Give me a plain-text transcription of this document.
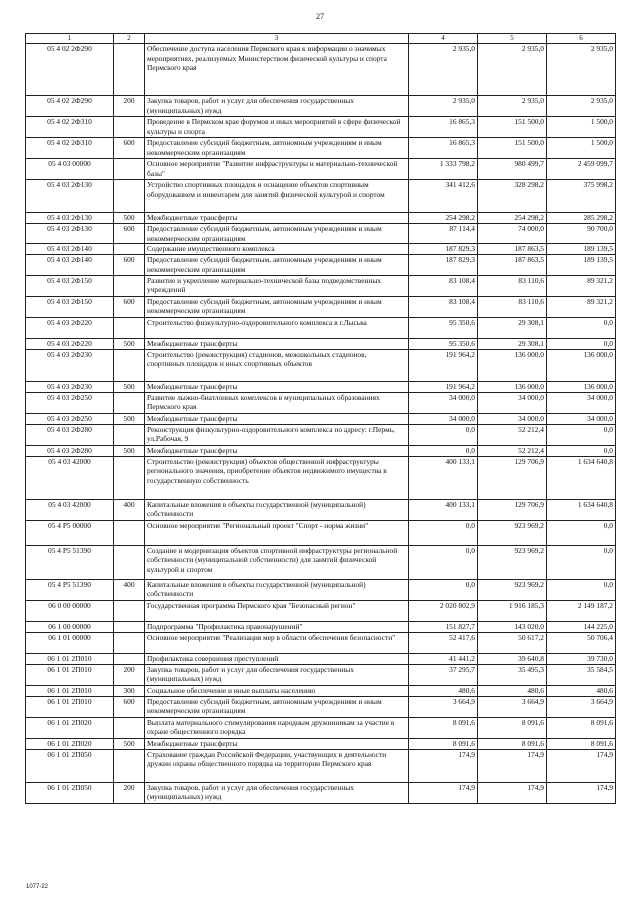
27
1	2	3	4	5	6
05 4 02 2Ф290		Обеспечение доступа населения Пермского края к информации о значимых мероприятиях, реализуемых Министерством физической культуры и спорта Пермского края	2 935,0	2 935,0	2 935,0
05 4 02 2Ф290	200	Закупка товаров, работ и услуг для обеспечения государственных (муниципальных) нужд	2 935,0	2 935,0	2 935,0
05 4 02 2Ф310		Проведение в Пермском крае форумов и иных мероприятий в сфере физической культуры и спорта	16 865,3	151 500,0	1 500,0
05 4 02 2Ф310	600	Предоставление субсидий бюджетным, автономным учреждениям и иным некоммерческим организациям	16 865,3	151 500,0	1 500,0
05 4 03 00000		Основное мероприятие "Развитие инфраструктуры и материально-технической базы"	1 333 798,2	980 499,7	2 459 099,7
05 4 03 2Ф130		Устройство спортивных площадок и оснащение объектов спортивным оборудованием и инвентарем для занятий физической культурой и спортом	341 412,6	328 298,2	375 998,2
05 4 03 2Ф130	500	Межбюджетные трансферты	254 298,2	254 298,2	285 298,2
05 4 03 2Ф130	600	Предоставление субсидий бюджетным, автономным учреждениям и иным некоммерческим организациям	87 114,4	74 000,0	90 700,0
05 4 03 2Ф140		Содержание имущественного комплекса	187 829,3	187 863,5	189 139,5
05 4 03 2Ф140	600	Предоставление субсидий бюджетным, автономным учреждениям и иным некоммерческим организациям	187 829,3	187 863,5	189 139,5
05 4 03 2Ф150		Развитие и укрепление материально-технической базы подведомственных учреждений	83 108,4	83 110,6	89 321,2
05 4 03 2Ф150	600	Предоставление субсидий бюджетным, автономным учреждениям и иным некоммерческим организациям	83 108,4	83 110,6	89 321,2
05 4 03 2Ф220		Строительство физкультурно-оздоровительного комплекса в г.Лысьва	95 350,6	29 308,1	0,0
05 4 03 2Ф220	500	Межбюджетные трансферты	95 350,6	29 308,1	0,0
05 4 03 2Ф230		Строительство (реконструкция) стадионов, межшкольных стадионов, спортивных площадок и иных спортивных объектов	191 964,2	136 000,0	136 000,0
05 4 03 2Ф230	500	Межбюджетные трансферты	191 964,2	136 000,0	136 000,0
05 4 03 2Ф250		Развитие лыжно-биатлонных комплексов в муниципальных образованиях Пермского края	34 000,0	34 000,0	34 000,0
05 4 03 2Ф250	500	Межбюджетные трансферты	34 000,0	34 000,0	34 000,0
05 4 03 2Ф280		Реконструкция физкультурно-оздоровительного комплекса по адресу: г.Пермь, ул.Рабочая, 9	0,0	52 212,4	0,0
05 4 03 2Ф280	500	Межбюджетные трансферты	0,0	52 212,4	0,0
05 4 03 42000		Строительство (реконструкция) объектов общественной инфраструктуры регионального значения, приобретение объектов недвижимого имущества в государственную собственность	400 133,1	129 706,9	1 634 640,8
05 4 03 42000	400	Капитальные вложения в объекты государственной (муниципальной) собственности	400 133,1	129 706,9	1 634 640,8
05 4 Р5 00000		Основное мероприятие "Региональный проект "Спорт - норма жизни"	0,0	923 969,2	0,0
05 4 Р5 51390		Создание и модернизация объектов спортивной инфраструктуры региональной собственности (муниципальной собственности) для занятий физической культурой и спортом	0,0	923 969,2	0,0
05 4 Р5 51390	400	Капитальные вложения в объекты государственной (муниципальной) собственности	0,0	923 969,2	0,0
06 0 00 00000		Государственная программа Пермского края "Безопасный регион"	2 020 802,9	1 916 185,3	2 149 187,2
06 1 00 00000		Подпрограмма "Профилактика правонарушений"	151 827,7	143 020,0	144 225,0
06 1 01 00000		Основное мероприятие "Реализация мер в области обеспечения безопасности"	52 417,6	50 617,2	50 706,4
06 1 01 2П010		Профилактика совершения преступлений	41 441,2	39 640,8	39 730,0
06 1 01 2П010	200	Закупка товаров, работ и услуг для обеспечения государственных (муниципальных) нужд	37 295,7	35 495,3	35 584,5
06 1 01 2П010	300	Социальное обеспечение и иные выплаты населению	480,6	480,6	480,6
06 1 01 2П010	600	Предоставление субсидий бюджетным, автономным учреждениям и иным некоммерческим организациям	3 664,9	3 664,9	3 664,9
06 1 01 2П020		Выплата материального стимулирования народным дружинникам за участие в охране общественного порядка	8 091,6	8 091,6	8 091,6
06 1 01 2П020	500	Межбюджетные трансферты	8 091,6	8 091,6	8 091,6
06 1 01 2П050		Страхование граждан Российской Федерации, участвующих в деятельности дружин охраны общественного порядка на территории Пермского края	174,9	174,9	174,9
06 1 01 2П050	200	Закупка товаров, работ и услуг для обеспечения государственных (муниципальных) нужд	174,9	174,9	174,9
1077-22
